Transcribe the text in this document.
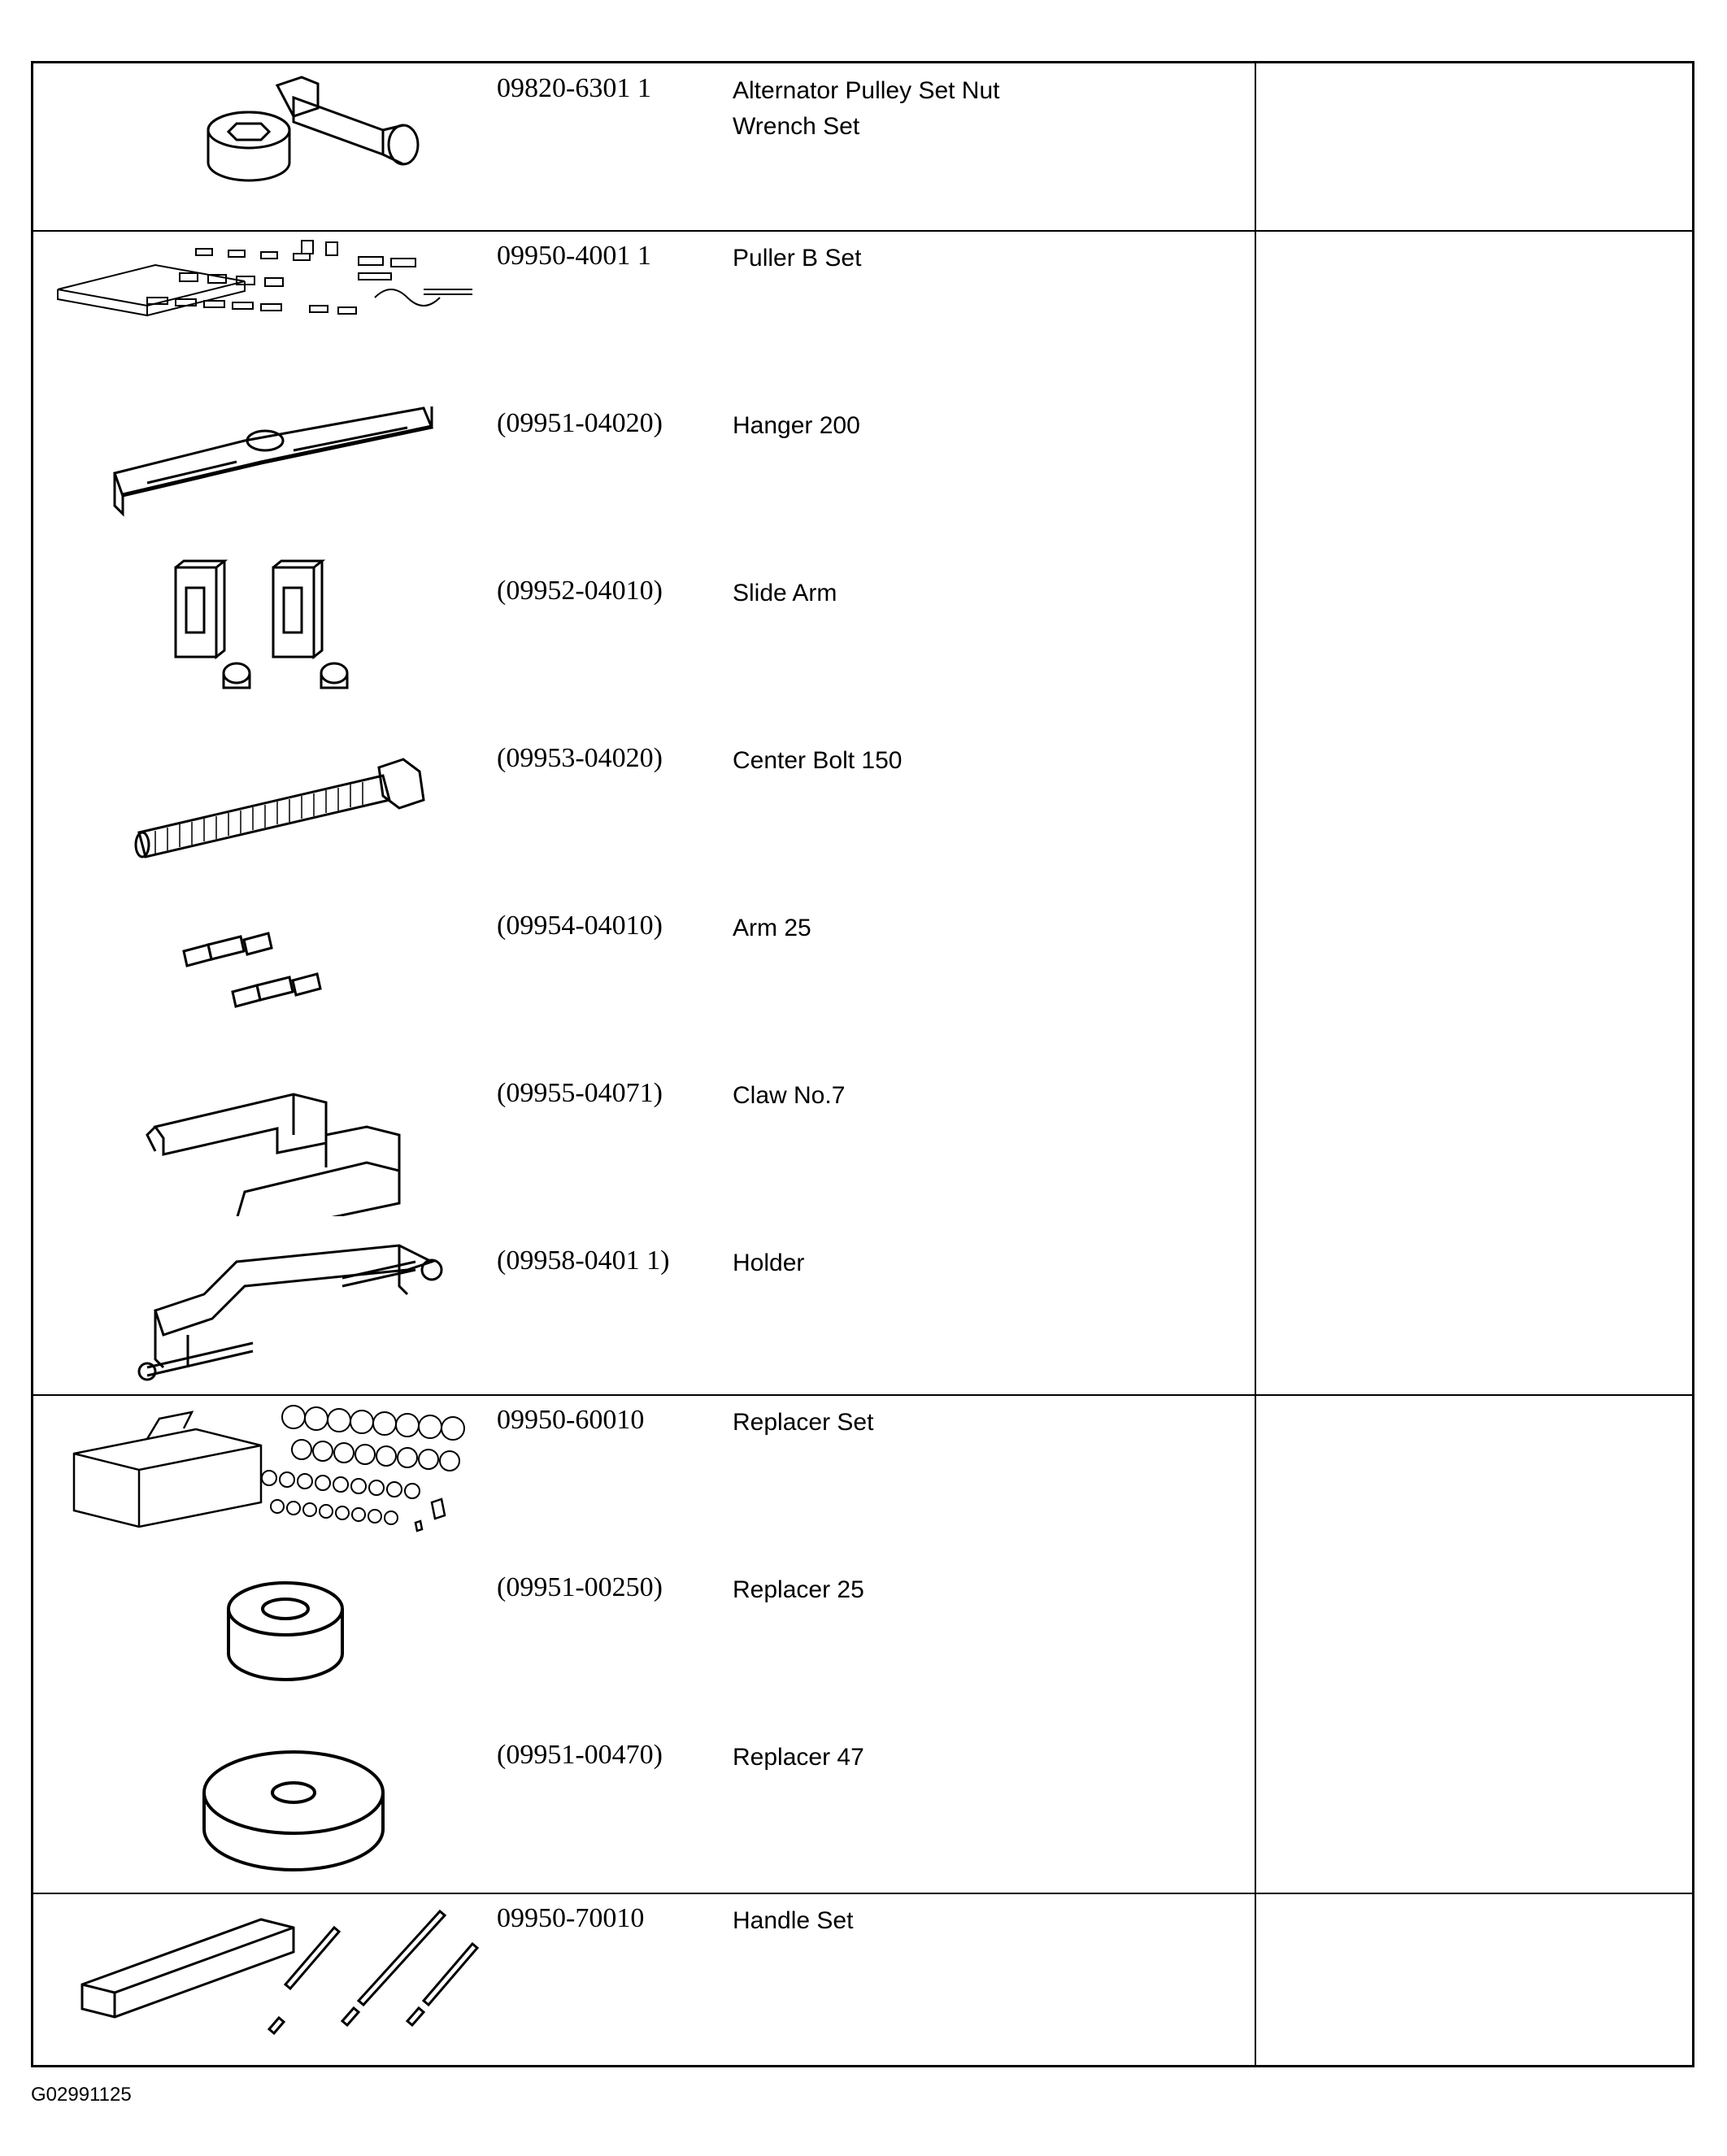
09820-6301 1	Alternator Pulley Set Nut
Wrench Set
09950-4001 1	Puller B Set
(09951-04020)	Hanger 200
(09952-04010)	Slide Arm
(09953-04020)	Center Bolt 150
(09954-04010)	Arm 25
(09955-04071)	Claw No.7
(09958-0401 1)	Holder
09950-60010	Replacer Set
(09951-00250)	Replacer 25
(09951-00470)	Replacer 47
09950-70010	Handle Set
G02991125
